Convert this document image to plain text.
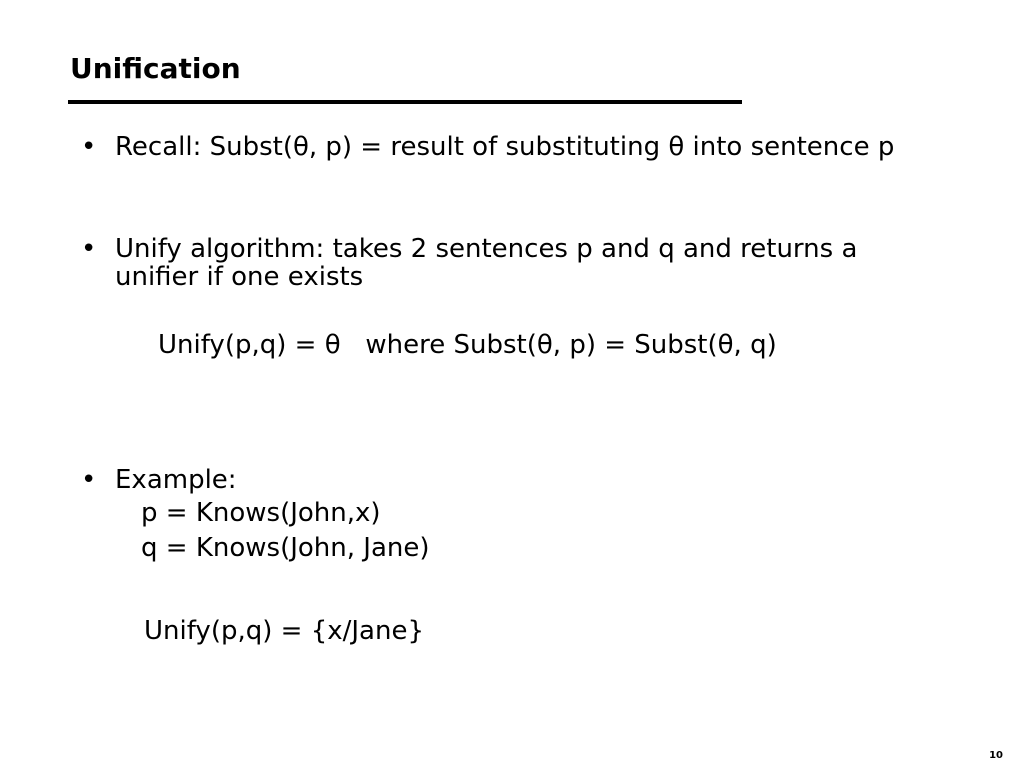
Unification
• Recall: Subst(θ, p) = result of substituting θ into sentence p
• Unify algorithm: takes 2 sentences p and q and returns a
unifier if one exists
Unify(p,q) = θ   where Subst(θ, p) = Subst(θ, q)
• Example:
p = Knows(John,x)
q = Knows(John, Jane)
Unify(p,q) = {x/Jane}
10
